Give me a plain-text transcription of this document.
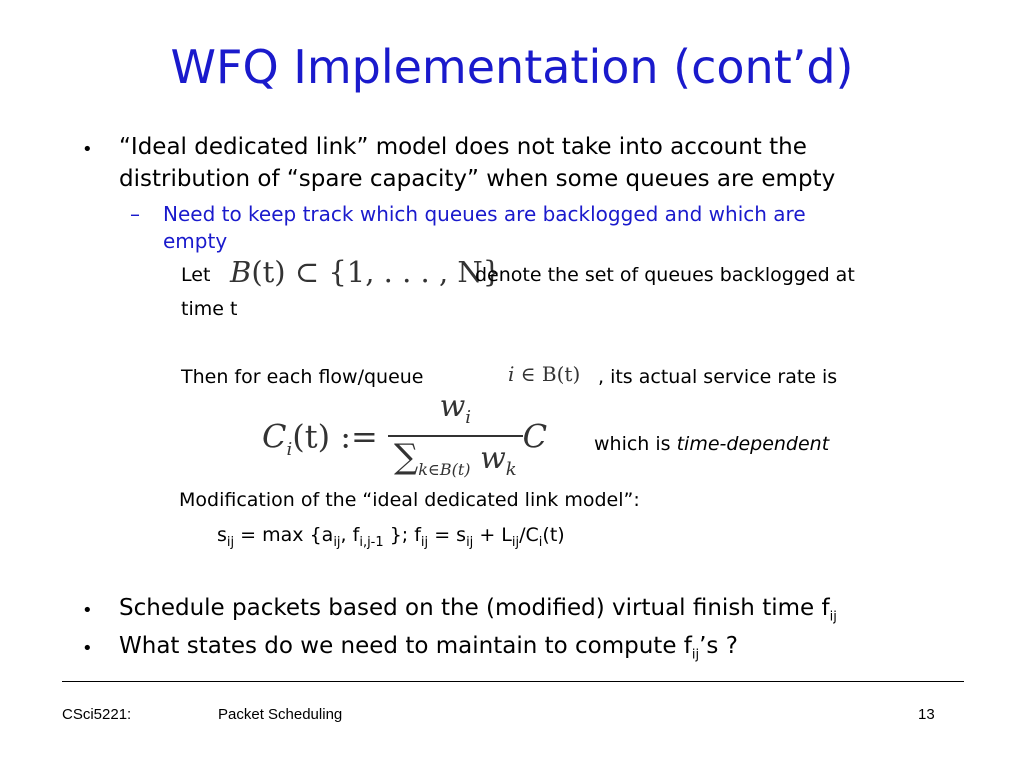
WFQ Implementation (cont’d)
• “Ideal dedicated link” model does not take into account the
distribution of “spare capacity” when some queues are empty
– Need to keep track which queues are backlogged and which are
empty
Let B(t) ⊂ {1, . . . , N}
denote the set of queues backlogged at
time t
Then for each flow/queue	i ∈ B(t) , its actual service rate is
$C_i(t)$ := $\frac{w_i}{\sum_{k\in B(t)} w_k}$ C which is time-dependent
Modification of the “ideal dedicated link model”:
$s_{ij} = \max \{a_{ij}$, $f_{i,j-1}$ }; $f_{ij} = s_{ij} + L_{ij}/C_i(t)$
• Schedule packets based on the (modified) virtual finish time $f_{ij}$
• What states do we need to maintain to compute $f_{ij}’s$ ?
CSci5221:	Packet Scheduling	13
